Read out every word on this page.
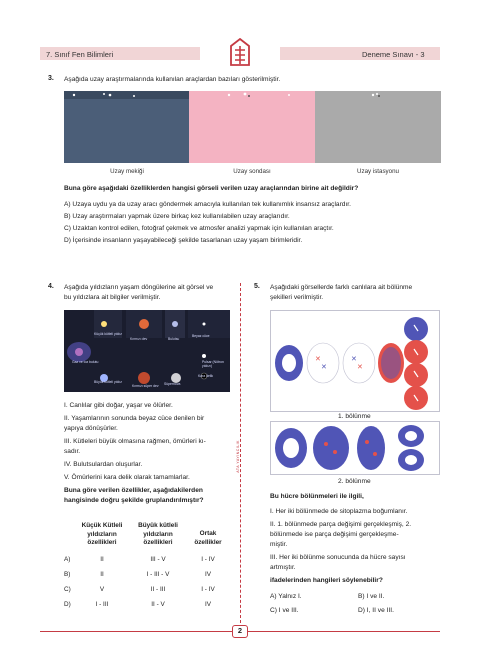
7. Sınıf Fen Bilimleri	Deneme Sınavı - 3
3. Aşağıda uzay araştırmalarında kullanılan araçlardan bazıları gösterilmiştir.
Uzay mekiği	Uzay sondası	Uzay istasyonu
Buna göre aşağıdaki özelliklerden hangisi görseli verilen uzay araçlarından birine ait değildir?
A) Uzaya uydu ya da uzay aracı göndermek amacıyla kullanılan tek kullanımlık insansız araçlardır.
B) Uzay araştırmaları yapmak üzere birkaç kez kullanılabilen uzay araçlarıdır.
C) Uzaktan kontrol edilen, fotoğraf çekmek ve atmosfer analizi yapmak için kullanılan araçtır.
D) İçerisinde insanların yaşayabileceği şekilde tasarlanan uzay yaşam birimleridir.
ATA YAYINCILIK
4. Aşağıda yıldızların yaşam döngülerine ait görsel ve
bu yıldızlara ait bilgiler verilmiştir.
Küçük kütleli yıldız
Kırmızı dev	Bulutsu
Beyaz cüce
Gaz ve toz bulutu	Pulsar (Nötron yıldızı)
Büyük kütleli yıldız
Kırmızı süper dev Süpernova
Kara delik
I. Canlılar gibi doğar, yaşar ve ölürler.
II. Yaşamlarının sonunda beyaz cüce denilen bir
yapıya dönüşürler.
III. Kütleleri büyük olmasına rağmen, ömürleri kı-
sadır.
IV. Bulutsulardan oluşurlar.
V. Ömürlerini kara delik olarak tamamlarlar.
Buna göre verilen özellikler, aşağıdakilerden
hangisinde doğru şekilde gruplandırılmıştır?
Küçük Kütleli yıldızların özellikleri
Büyük kütleli yıldızların özellikleri
Ortak özellikler
A)	II	III - V	I - IV
B)	II	I - III - V	IV
C)	V	II - III	I - IV
D)	I - III	II - V	IV
5. Aşağıdaki görsellerde farklı canlılara ait bölünme
şekilleri verilmiştir.
✕
✕
✕
✕
1. bölünme
2. bölünme
Bu hücre bölünmeleri ile ilgili,
I. Her iki bölünmede de sitoplazma boğumlanır.
II. 1. bölünmede parça değişimi gerçekleşmiş, 2.
bölünmede ise parça değişimi gerçekleşme-
miştir.
III. Her iki bölünme sonucunda da hücre sayısı
artmıştır.
ifadelerinden hangileri söylenebilir?
A) Yalnız I.	B) I ve II.
C) I ve III.	D) I, II ve III.
2
